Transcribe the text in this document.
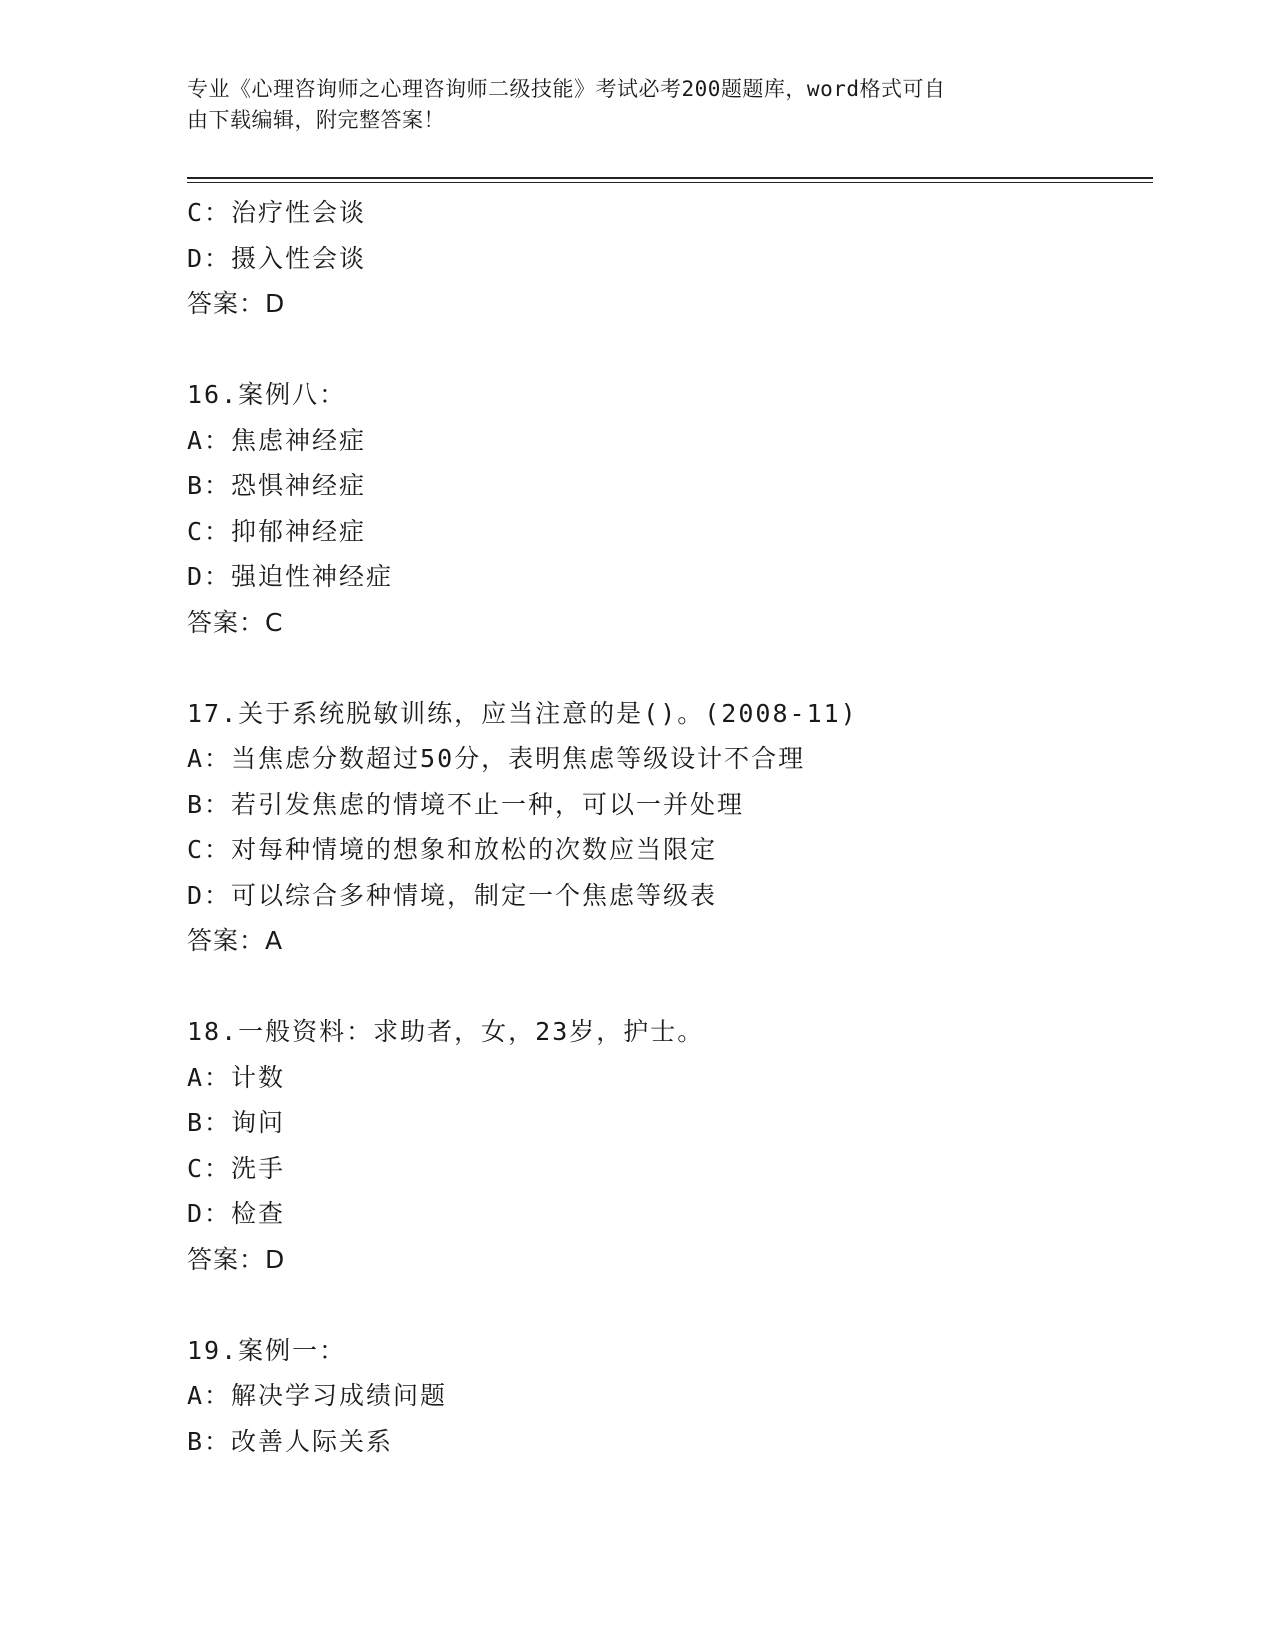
专业《心理咨询师之心理咨询师二级技能》考试必考200题题库，word格式可自
由下载编辑，附完整答案！
C：治疗性会谈
D：摄入性会谈
答案：D
16.案例八：
A：焦虑神经症
B：恐惧神经症
C：抑郁神经症
D：强迫性神经症
答案：C
17.关于系统脱敏训练，应当注意的是()。(2008-11)
A：当焦虑分数超过50分，表明焦虑等级设计不合理
B：若引发焦虑的情境不止一种，可以一并处理
C：对每种情境的想象和放松的次数应当限定
D：可以综合多种情境，制定一个焦虑等级表
答案：A
18.一般资料：求助者，女，23岁，护士。
A：计数
B：询问
C：洗手
D：检查
答案：D
19.案例一：
A：解决学习成绩问题
B：改善人际关系
